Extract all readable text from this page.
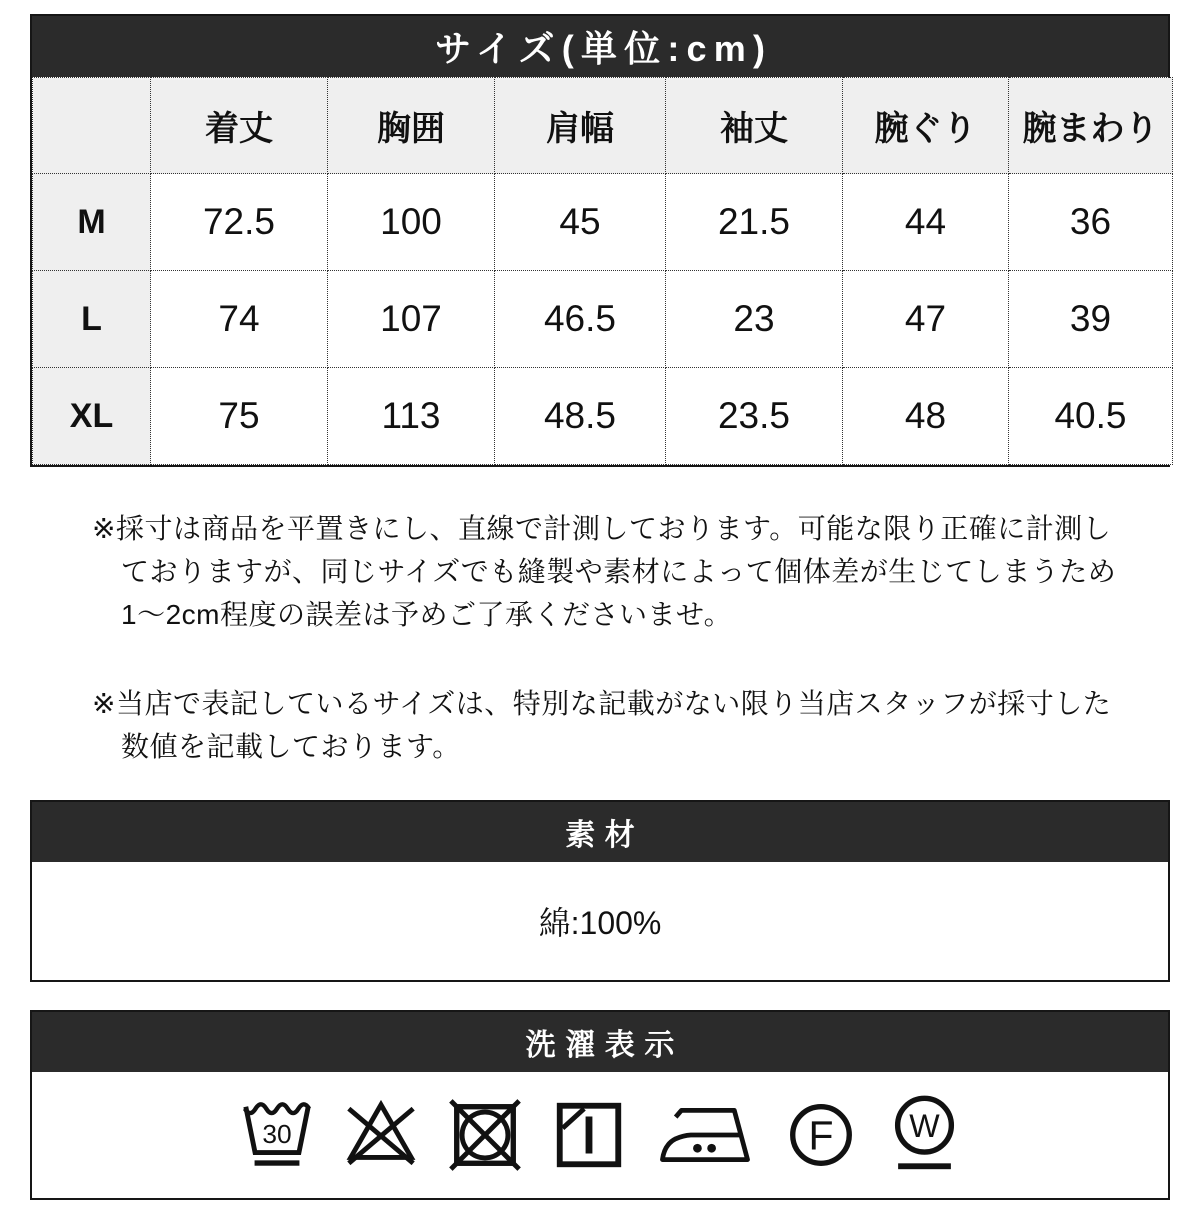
サイズ(単位:cm)
	着丈	胸囲	肩幅	袖丈	腕ぐり	腕まわり
M	72.5	100	45	21.5	44	36
L	74	107	46.5	23	47	39
XL	75	113	48.5	23.5	48	40.5
※採寸は商品を平置きにし、直線で計測しております。可能な限り正確に計測し
ておりますが、同じサイズでも縫製や素材によって個体差が生じてしまうため
1〜2cm程度の誤差は予めご了承くださいませ。
※当店で表記しているサイズは、特別な記載がない限り当店スタッフが採寸した
数値を記載しております。
素材
綿:100%
洗濯表示
30	F W
